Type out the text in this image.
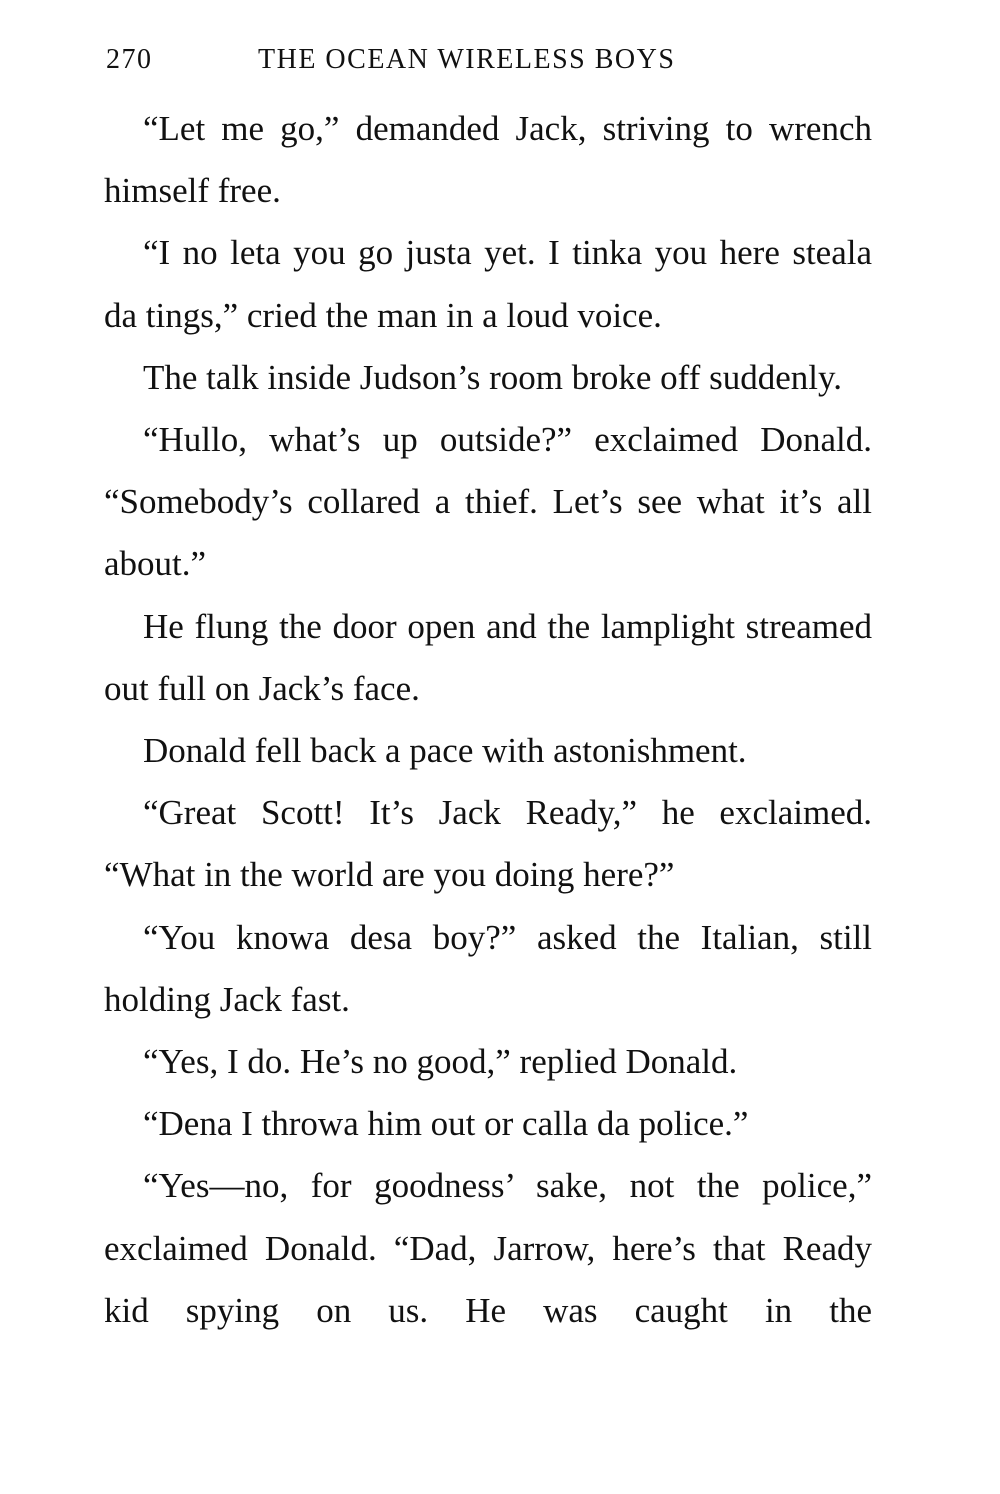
270	THE OCEAN WIRELESS BOYS

“Let me go,” demanded Jack, striving to wrench himself free.

“I no leta you go justa yet. I tinka you here steala da tings,” cried the man in a loud voice.

The talk inside Judson’s room broke off suddenly.

“Hullo, what’s up outside?” exclaimed Donald. “Somebody’s collared a thief. Let’s see what it’s all about.”

He flung the door open and the lamplight streamed out full on Jack’s face.

Donald fell back a pace with astonishment.

“Great Scott! It’s Jack Ready,” he exclaimed. “What in the world are you doing here?”

“You knowa desa boy?” asked the Italian, still holding Jack fast.

“Yes, I do. He’s no good,” replied Donald.

“Dena I throwa him out or calla da police.”

“Yes—no, for goodness’ sake, not the police,” exclaimed Donald. “Dad, Jarrow, here’s that Ready kid spying on us. He was caught in the
